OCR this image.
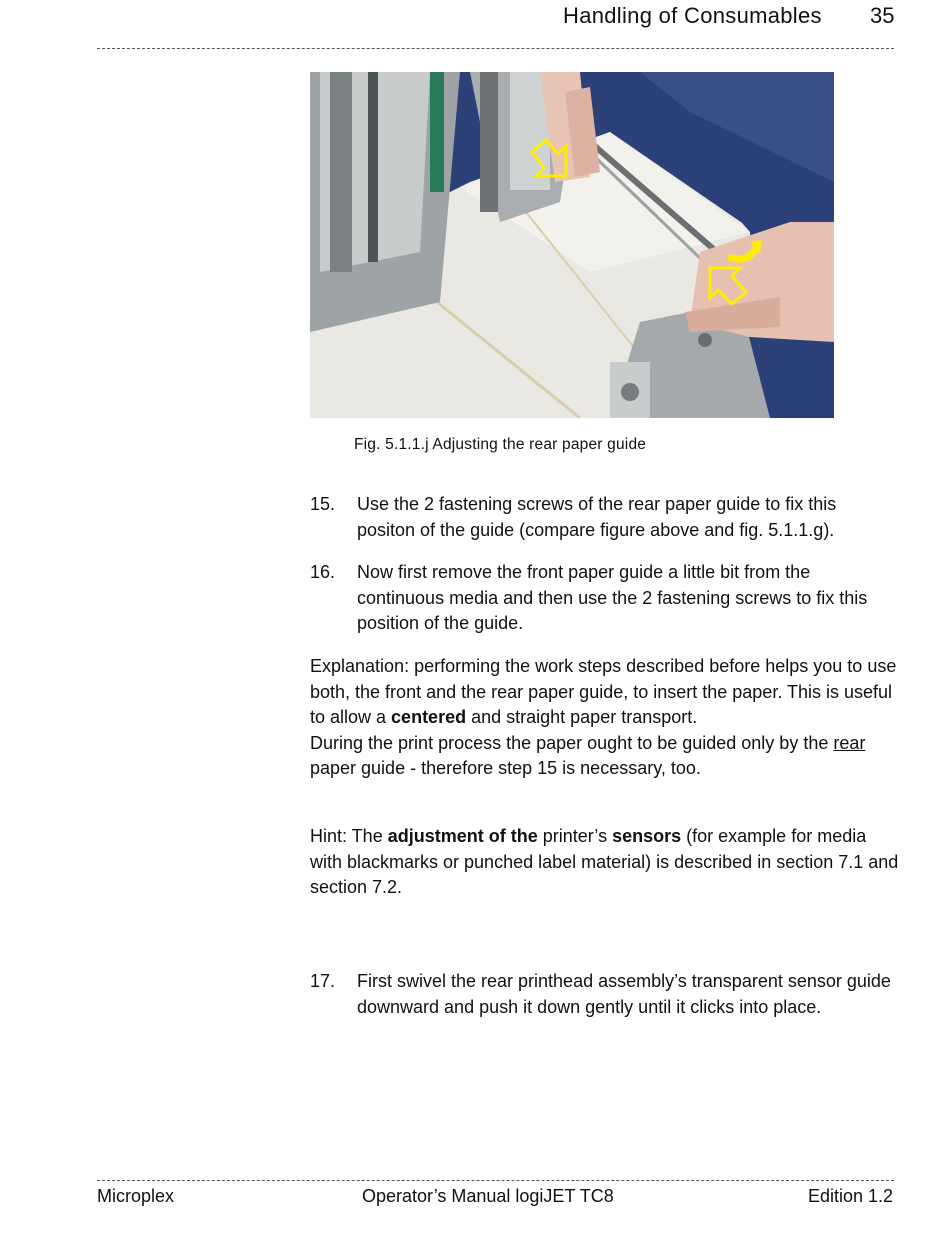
Handling of Consumables 35
Fig. 5.1.1.j Adjusting the rear paper guide
15.	Use the 2 fastening screws of the rear paper guide to fix this positon of the guide (compare figure above and fig. 5.1.1.g).
16.	Now first remove the front paper guide a little bit from the continuous media and then use the 2 fastening screws to fix this position of the guide.
Explanation: performing the work steps described before helps you to use both, the front and the rear paper guide, to insert the paper. This is useful to allow a centered and straight paper transport.
During the print process the paper ought to be guided only by the rear paper guide - therefore step 15 is necessary, too.
Hint: The adjustment of the printer’s sensors (for example for media with blackmarks or punched label material) is described in section 7.1 and section 7.2.
17.	First swivel the rear printhead assembly’s transparent sensor guide downward and push it down gently until it clicks into place.
Microplex	Operator’s Manual logiJET TC8	Edition 1.2
